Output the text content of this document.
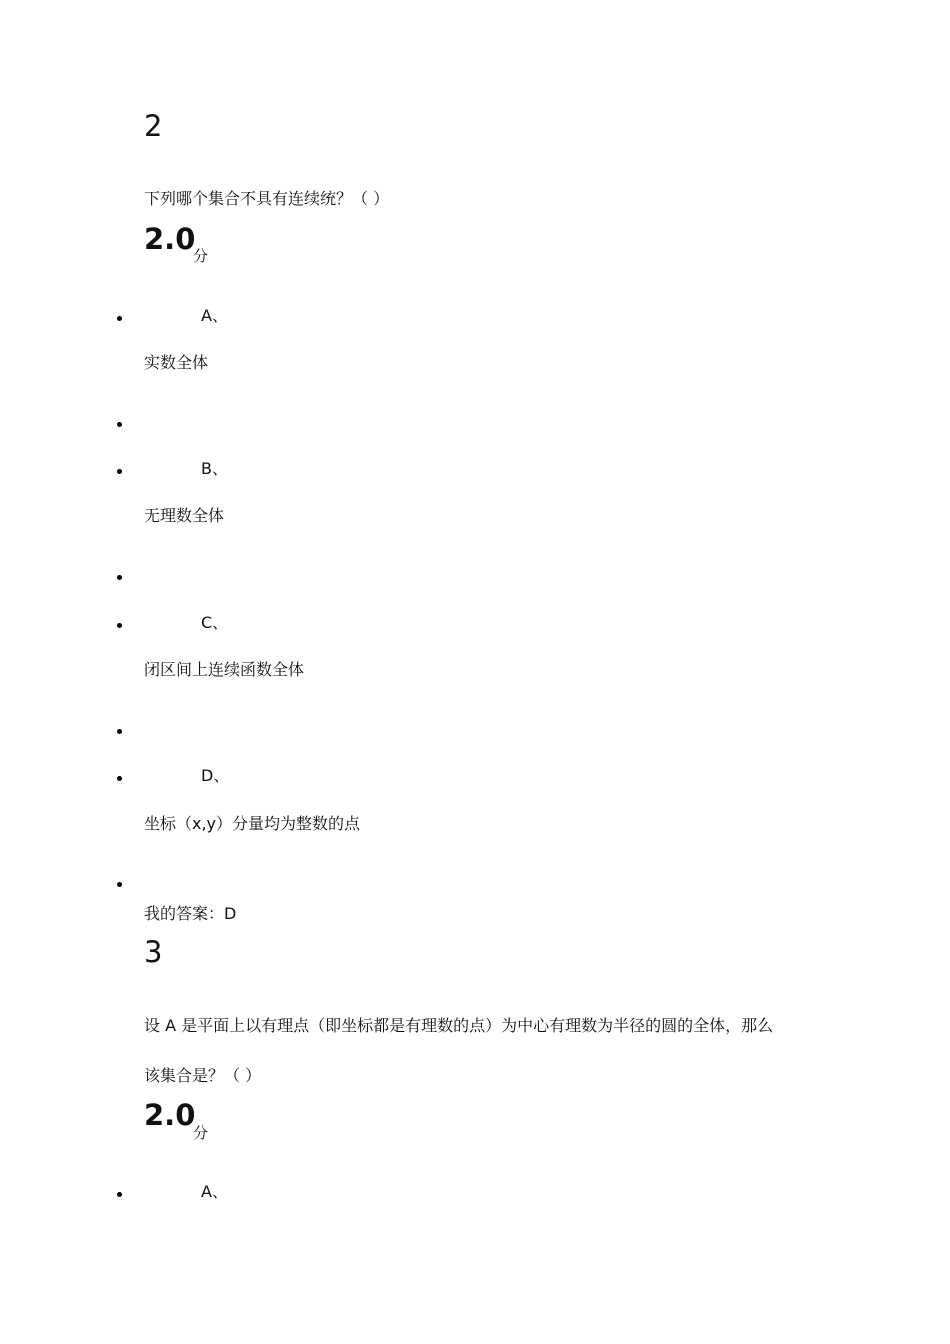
2
下列哪个集合不具有连续统？（ ）
2.0
分
A、
实数全体
B、
无理数全体
C、
闭区间上连续函数全体
D、
坐标（x,y）分量均为整数的点
我的答案：D
3
设 A 是平面上以有理点（即坐标都是有理数的点）为中心有理数为半径的圆的全体，那么
该集合是？（ ）
2.0
分
A、
